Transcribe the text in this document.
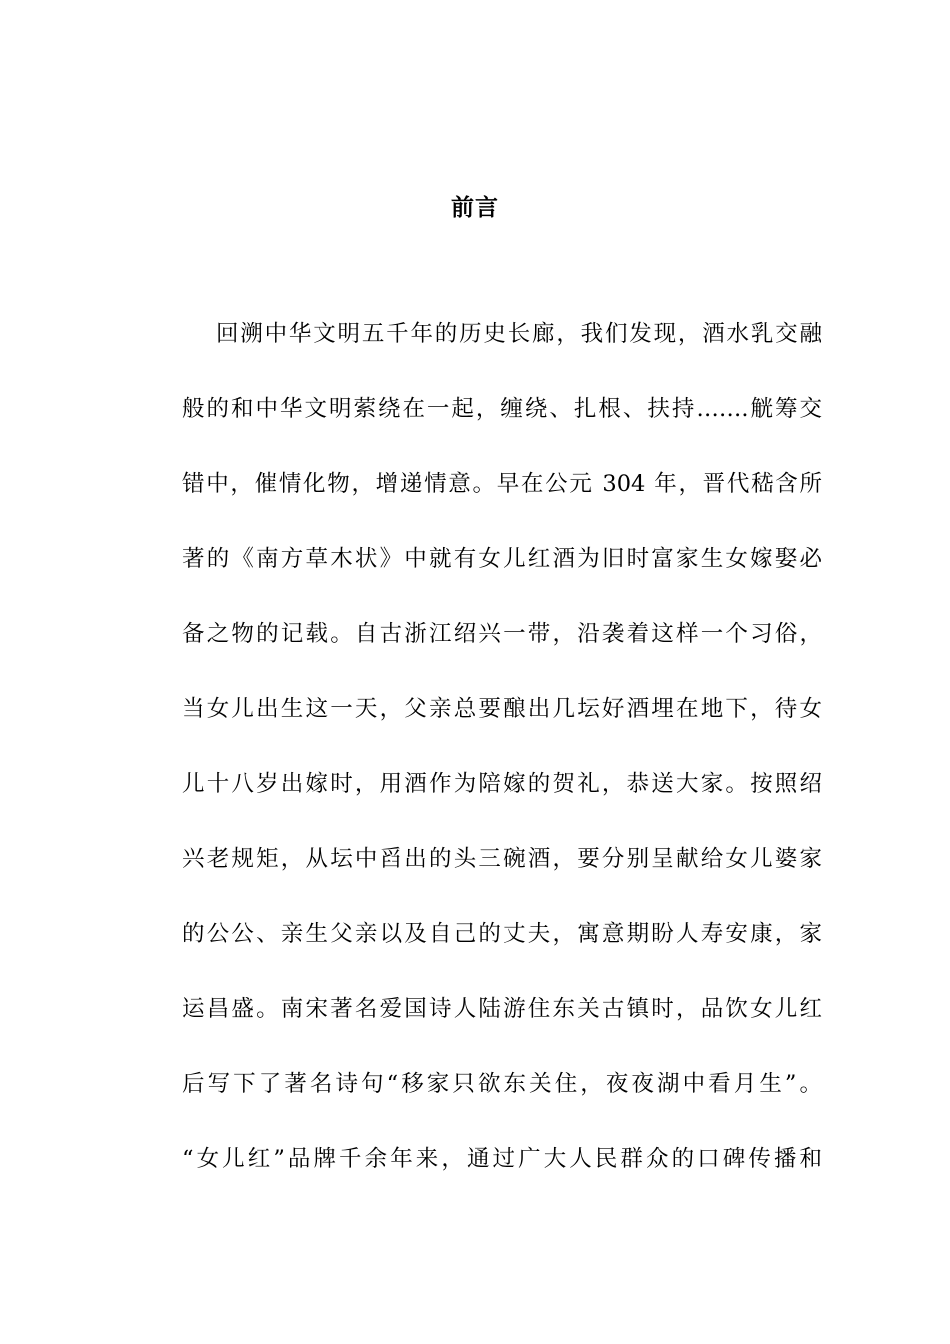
前言
回溯中华文明五千年的历史长廊，我们发现，酒水乳交融
般的和中华文明萦绕在一起，缠绕、扎根、扶持…….觥筹交
错中，催情化物，增递情意。早在公元 304 年，晋代嵇含所
著的《南方草木状》中就有女儿红酒为旧时富家生女嫁娶必
备之物的记载。自古浙江绍兴一带，沿袭着这样一个习俗，
当女儿出生这一天，父亲总要酿出几坛好酒埋在地下，待女
儿十八岁出嫁时，用酒作为陪嫁的贺礼，恭送大家。按照绍
兴老规矩，从坛中舀出的头三碗酒，要分别呈献给女儿婆家
的公公、亲生父亲以及自己的丈夫，寓意期盼人寿安康，家
运昌盛。南宋著名爱国诗人陆游住东关古镇时，品饮女儿红
后写下了著名诗句“移家只欲东关住，夜夜湖中看月生”。
“女儿红”品牌千余年来，通过广大人民群众的口碑传播和
